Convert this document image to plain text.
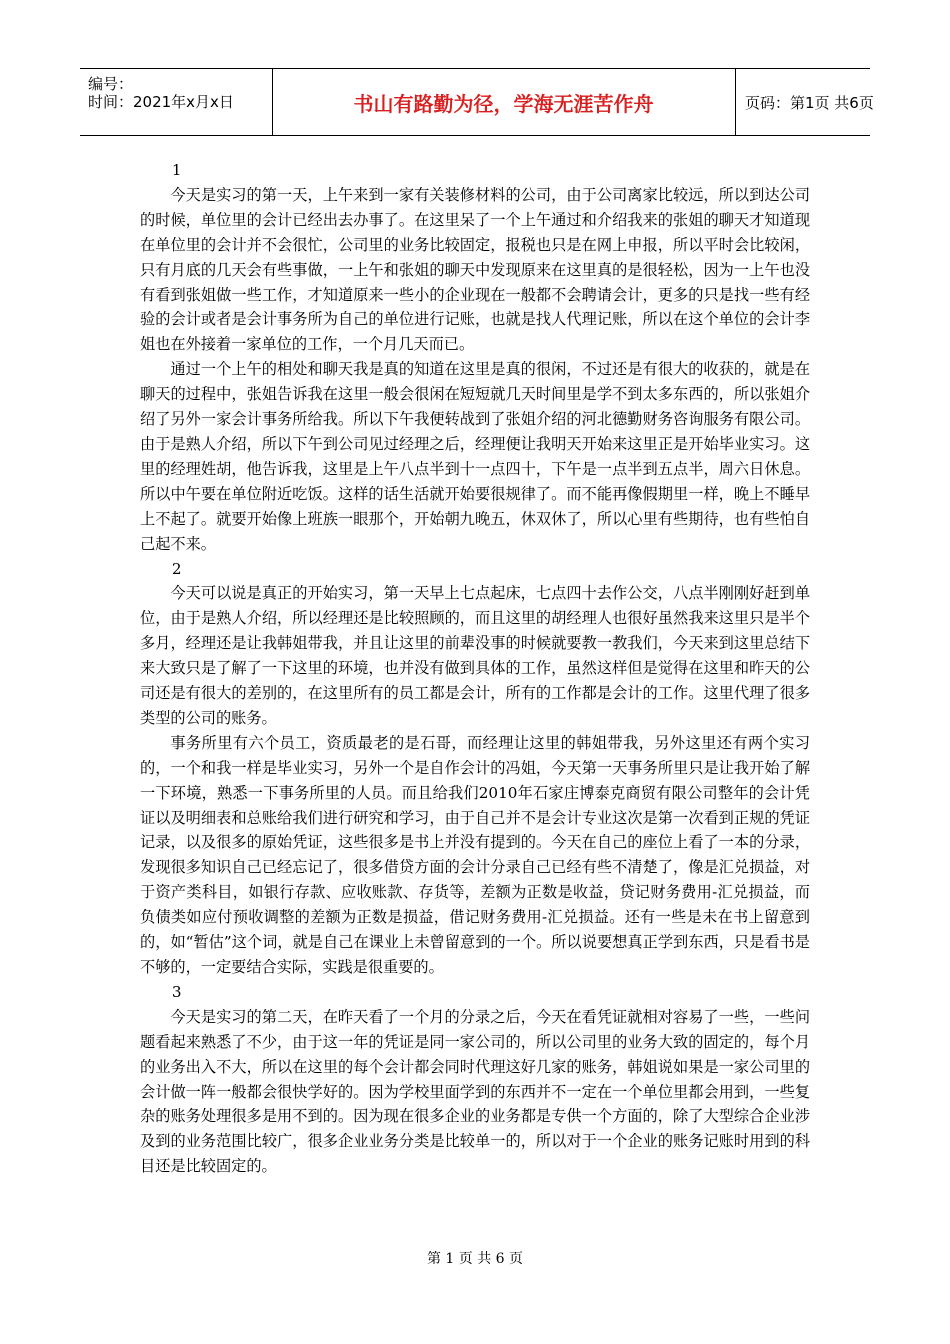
编号：
时间：2021年x月x日	书山有路勤为径，学海无涯苦作舟	页码：第1页 共6页

1

今天是实习的第一天，上午来到一家有关装修材料的公司，由于公司离家比较远，所以到达公司的时候，单位里的会计已经出去办事了。在这里呆了一个上午通过和介绍我来的张姐的聊天才知道现在单位里的会计并不会很忙，公司里的业务比较固定，报税也只是在网上申报，所以平时会比较闲，只有月底的几天会有些事做，一上午和张姐的聊天中发现原来在这里真的是很轻松，因为一上午也没有看到张姐做一些工作，才知道原来一些小的企业现在一般都不会聘请会计，更多的只是找一些有经验的会计或者是会计事务所为自己的单位进行记账，也就是找人代理记账，所以在这个单位的会计李姐也在外接着一家单位的工作，一个月几天而已。

通过一个上午的相处和聊天我是真的知道在这里是真的很闲，不过还是有很大的收获的，就是在聊天的过程中，张姐告诉我在这里一般会很闲在短短就几天时间里是学不到太多东西的，所以张姐介绍了另外一家会计事务所给我。所以下午我便转战到了张姐介绍的河北德勤财务咨询服务有限公司。由于是熟人介绍，所以下午到公司见过经理之后，经理便让我明天开始来这里正是开始毕业实习。这里的经理姓胡，他告诉我，这里是上午八点半到十一点四十，下午是一点半到五点半，周六日休息。所以中午要在单位附近吃饭。这样的话生活就开始要很规律了。而不能再像假期里一样，晚上不睡早上不起了。就要开始像上班族一眼那个，开始朝九晚五，休双休了，所以心里有些期待，也有些怕自己起不来。

2

今天可以说是真正的开始实习，第一天早上七点起床，七点四十去作公交，八点半刚刚好赶到单位，由于是熟人介绍，所以经理还是比较照顾的，而且这里的胡经理人也很好虽然我来这里只是半个多月，经理还是让我韩姐带我，并且让这里的前辈没事的时候就要教一教我们，今天来到这里总结下来大致只是了解了一下这里的环境，也并没有做到具体的工作，虽然这样但是觉得在这里和昨天的公司还是有很大的差别的，在这里所有的员工都是会计，所有的工作都是会计的工作。这里代理了很多类型的公司的账务。

事务所里有六个员工，资质最老的是石哥，而经理让这里的韩姐带我，另外这里还有两个实习的，一个和我一样是毕业实习，另外一个是自作会计的冯姐，今天第一天事务所里只是让我开始了解一下环境，熟悉一下事务所里的人员。而且给我们2010年石家庄博泰克商贸有限公司整年的会计凭证以及明细表和总账给我们进行研究和学习，由于自己并不是会计专业这次是第一次看到正规的凭证记录，以及很多的原始凭证，这些很多是书上并没有提到的。今天在自己的座位上看了一本的分录，发现很多知识自己已经忘记了，很多借贷方面的会计分录自己已经有些不清楚了，像是汇兑损益，对于资产类科目，如银行存款、应收账款、存货等，差额为正数是收益，贷记财务费用-汇兑损益，而负债类如应付预收调整的差额为正数是损益，借记财务费用-汇兑损益。还有一些是未在书上留意到的，如“暂估”这个词，就是自己在课业上未曾留意到的一个。所以说要想真正学到东西，只是看书是不够的，一定要结合实际，实践是很重要的。

3

今天是实习的第二天，在昨天看了一个月的分录之后，今天在看凭证就相对容易了一些，一些问题看起来熟悉了不少，由于这一年的凭证是同一家公司的，所以公司里的业务大致的固定的，每个月的业务出入不大，所以在这里的每个会计都会同时代理这好几家的账务，韩姐说如果是一家公司里的会计做一阵一般都会很快学好的。因为学校里面学到的东西并不一定在一个单位里都会用到，一些复杂的账务处理很多是用不到的。因为现在很多企业的业务都是专供一个方面的，除了大型综合企业涉及到的业务范围比较广，很多企业业务分类是比较单一的，所以对于一个企业的账务记账时用到的科目还是比较固定的。

第 1 页 共 6 页
